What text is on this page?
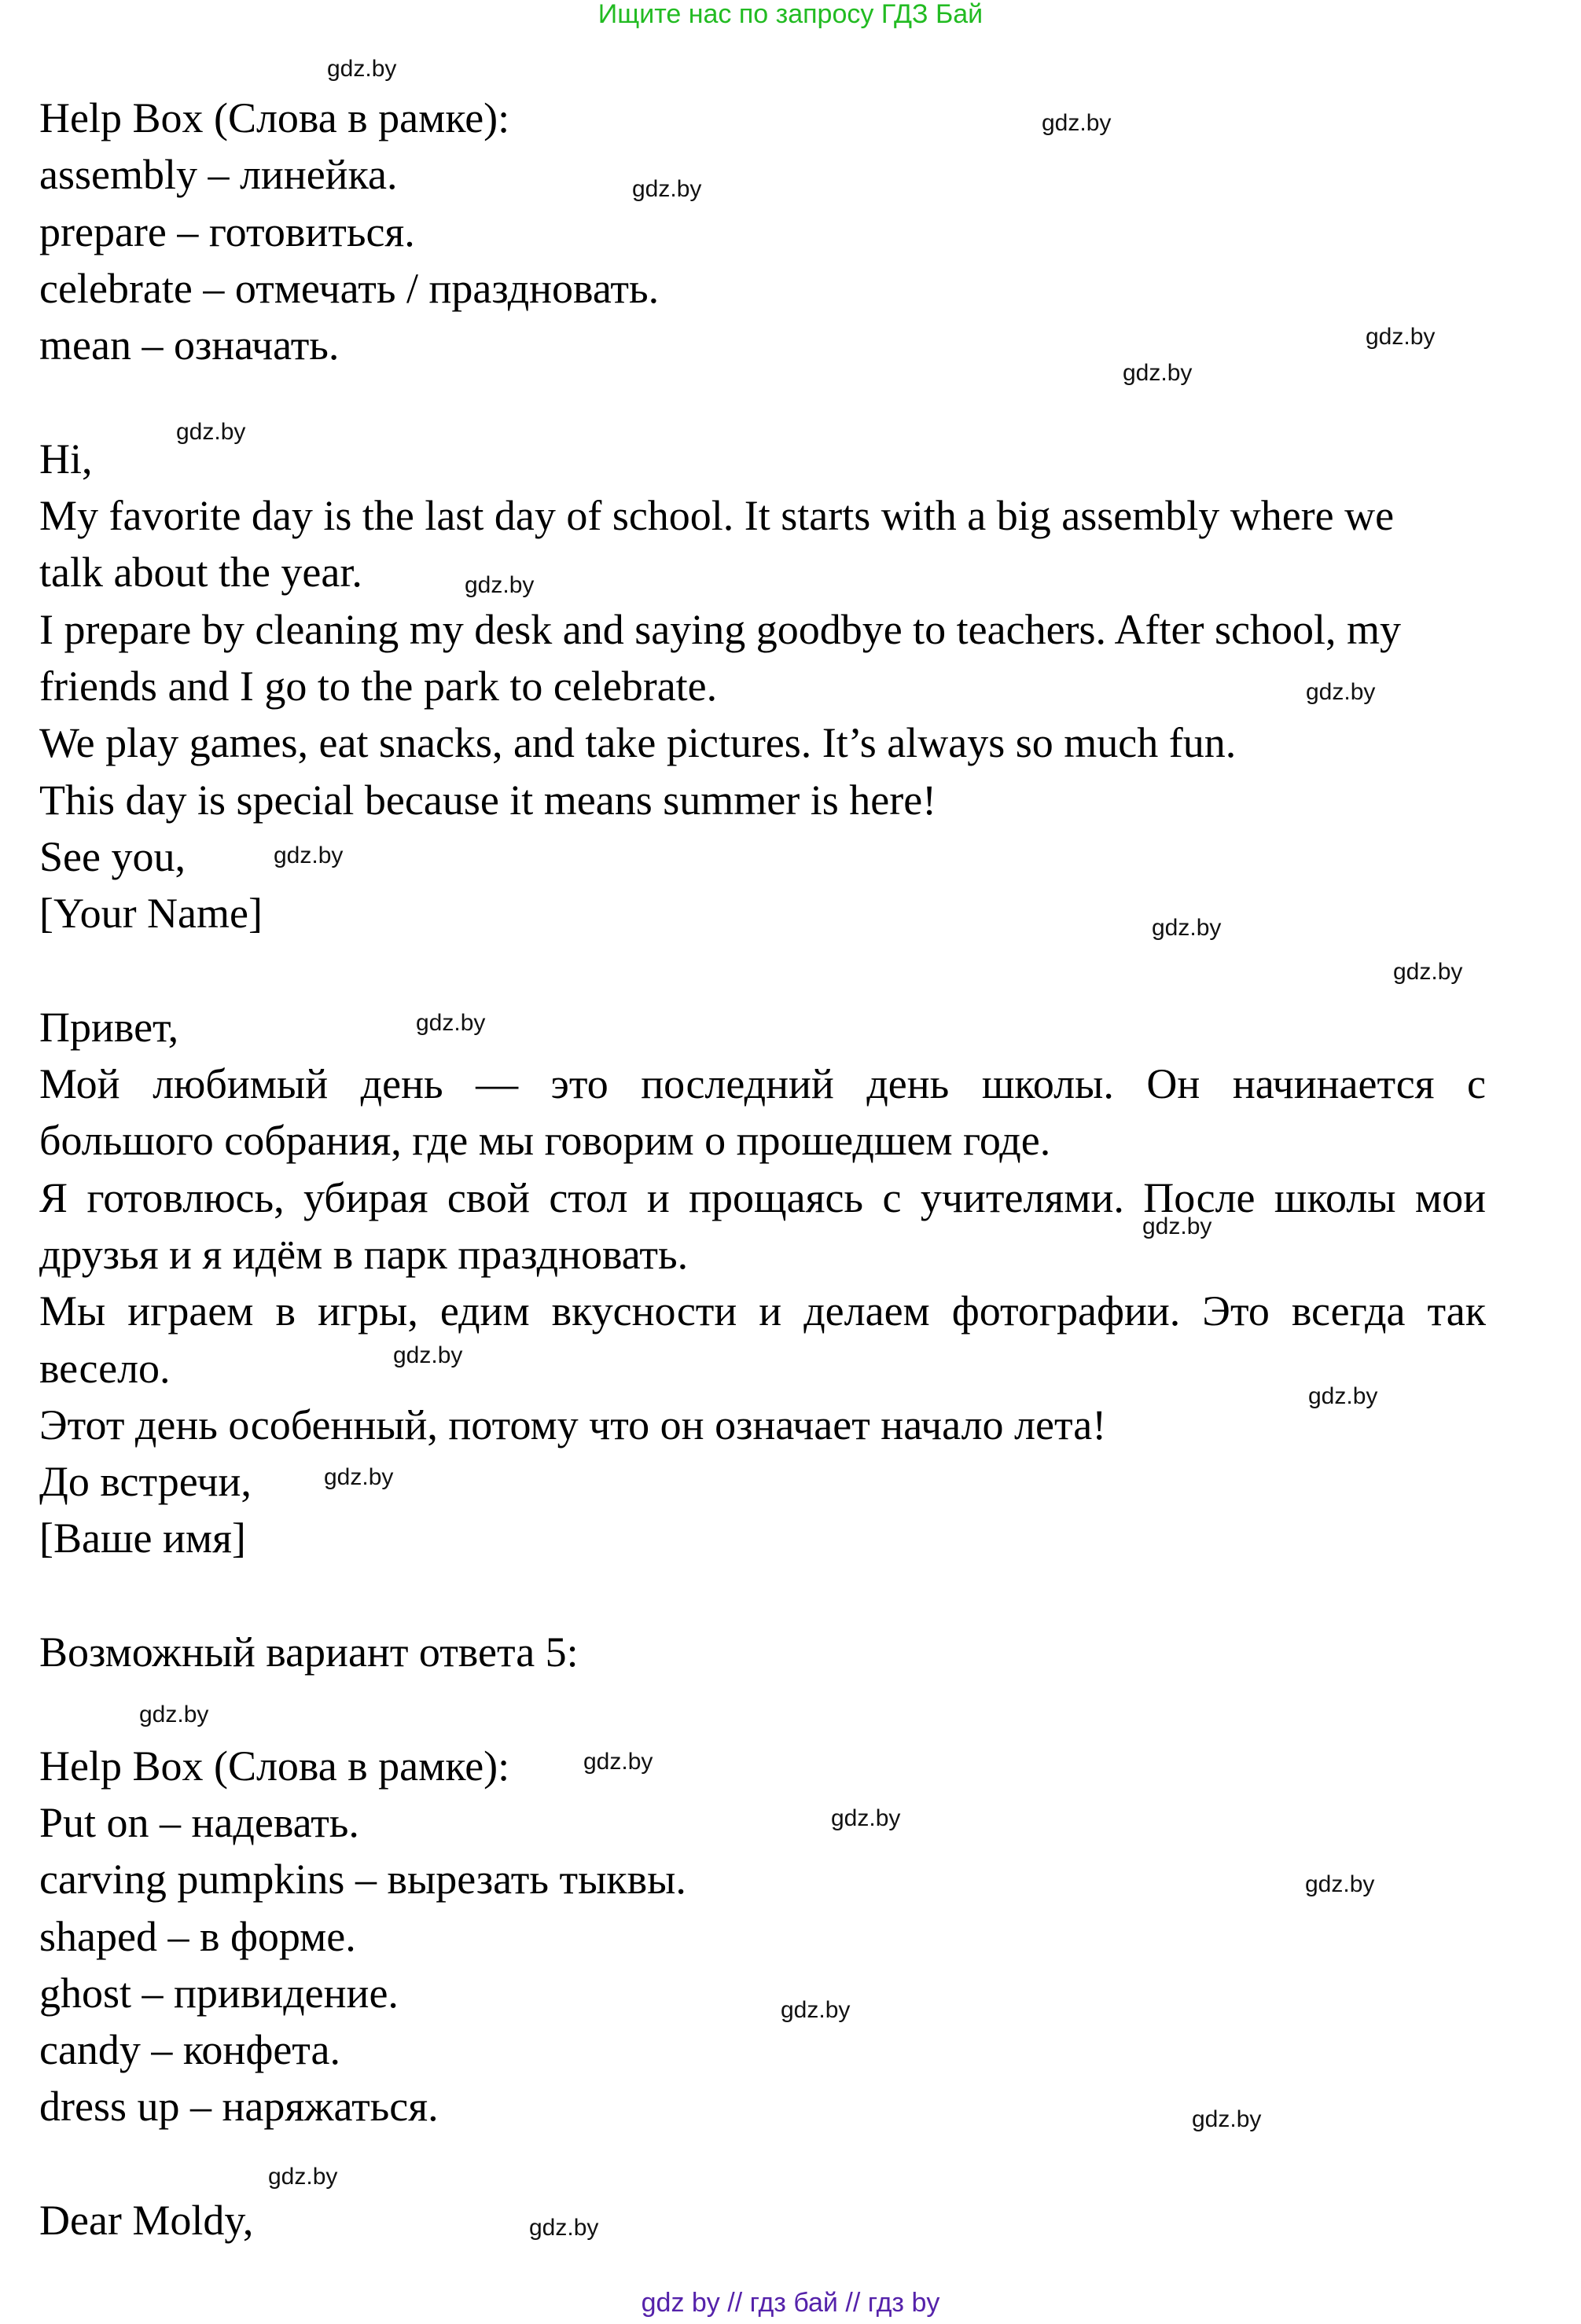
Ищите нас по запросу ГДЗ Бай
Help Box (Слова в рамке):
assembly – линейка.
prepare – готовиться.
celebrate – отмечать / праздновать.
mean – означать.
Hi,
My favorite day is the last day of school. It starts with a big assembly where we
talk about the year.
I prepare by cleaning my desk and saying goodbye to teachers. After school, my
friends and I go to the park to celebrate.
We play games, eat snacks, and take pictures. It’s always so much fun.
This day is special because it means summer is here!
See you,
[Your Name]
Привет,
Мой любимый день — это последний день школы. Он начинается с
большого собрания, где мы говорим о прошедшем годе.
Я готовлюсь, убирая свой стол и прощаясь с учителями. После школы мои
друзья и я идём в парк праздновать.
Мы играем в игры, едим вкусности и делаем фотографии. Это всегда так
весело.
Этот день особенный, потому что он означает начало лета!
До встречи,
[Ваше имя]
Возможный вариант ответа 5:
Help Box (Слова в рамке):
Put on – надевать.
carving pumpkins – вырезать тыквы.
shaped – в форме.
ghost – привидение.
candy – конфета.
dress up – наряжаться.
Dear Moldy,
gdz.by
gdz.by
gdz.by
gdz.by
gdz.by
gdz.by
gdz.by
gdz.by
gdz.by
gdz.by
gdz.by
gdz.by
gdz.by
gdz.by
gdz.by
gdz.by
gdz.by
gdz.by
gdz.by
gdz.by
gdz.by
gdz.by
gdz.by
gdz.by
gdz by // гдз бай // гдз by
